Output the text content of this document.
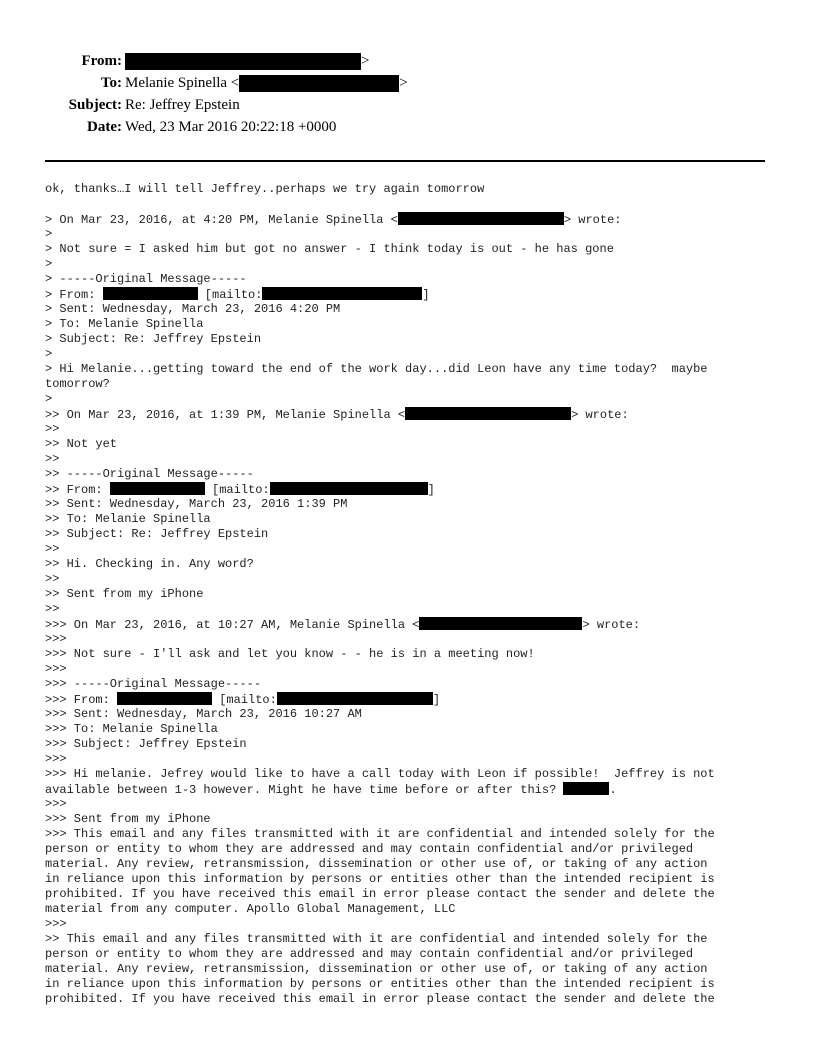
From:	>
To: Melanie Spinella <	>
Subject: Re: Jeffrey Epstein
Date: Wed, 23 Mar 2016 20:22:18 +0000
ok, thanks…I will tell Jeffrey..perhaps we try again tomorrow
> On Mar 23, 2016, at 4:20 PM, Melanie Spinella <	> wrote:
>
> Not sure = I asked him but got no answer - I think today is out - he has gone
>
> -----Original Message-----
> From:	[mailto:	]
> Sent: Wednesday, March 23, 2016 4:20 PM
> To: Melanie Spinella
> Subject: Re: Jeffrey Epstein
>
> Hi Melanie...getting toward the end of the work day...did Leon have any time today?  maybe
tomorrow?
>
>> On Mar 23, 2016, at 1:39 PM, Melanie Spinella <	> wrote:
>>
>> Not yet
>>
>> -----Original Message-----
>> From:	[mailto:	]
>> Sent: Wednesday, March 23, 2016 1:39 PM
>> To: Melanie Spinella
>> Subject: Re: Jeffrey Epstein
>>
>> Hi. Checking in. Any word?
>>
>> Sent from my iPhone
>>
>>> On Mar 23, 2016, at 10:27 AM, Melanie Spinella <	> wrote:
>>>
>>> Not sure - I'll ask and let you know - - he is in a meeting now!
>>>
>>> -----Original Message-----
>>> From:	[mailto:	]
>>> Sent: Wednesday, March 23, 2016 10:27 AM
>>> To: Melanie Spinella
>>> Subject: Jeffrey Epstein
>>>
>>> Hi melanie. Jefrey would like to have a call today with Leon if possible!  Jeffrey is not
available between 1-3 however. Might he have time before or after this?	.
>>>
>>> Sent from my iPhone
>>> This email and any files transmitted with it are confidential and intended solely for the
person or entity to whom they are addressed and may contain confidential and/or privileged
material. Any review, retransmission, dissemination or other use of, or taking of any action
in reliance upon this information by persons or entities other than the intended recipient is
prohibited. If you have received this email in error please contact the sender and delete the
material from any computer. Apollo Global Management, LLC
>>>
>> This email and any files transmitted with it are confidential and intended solely for the
person or entity to whom they are addressed and may contain confidential and/or privileged
material. Any review, retransmission, dissemination or other use of, or taking of any action
in reliance upon this information by persons or entities other than the intended recipient is
prohibited. If you have received this email in error please contact the sender and delete the
